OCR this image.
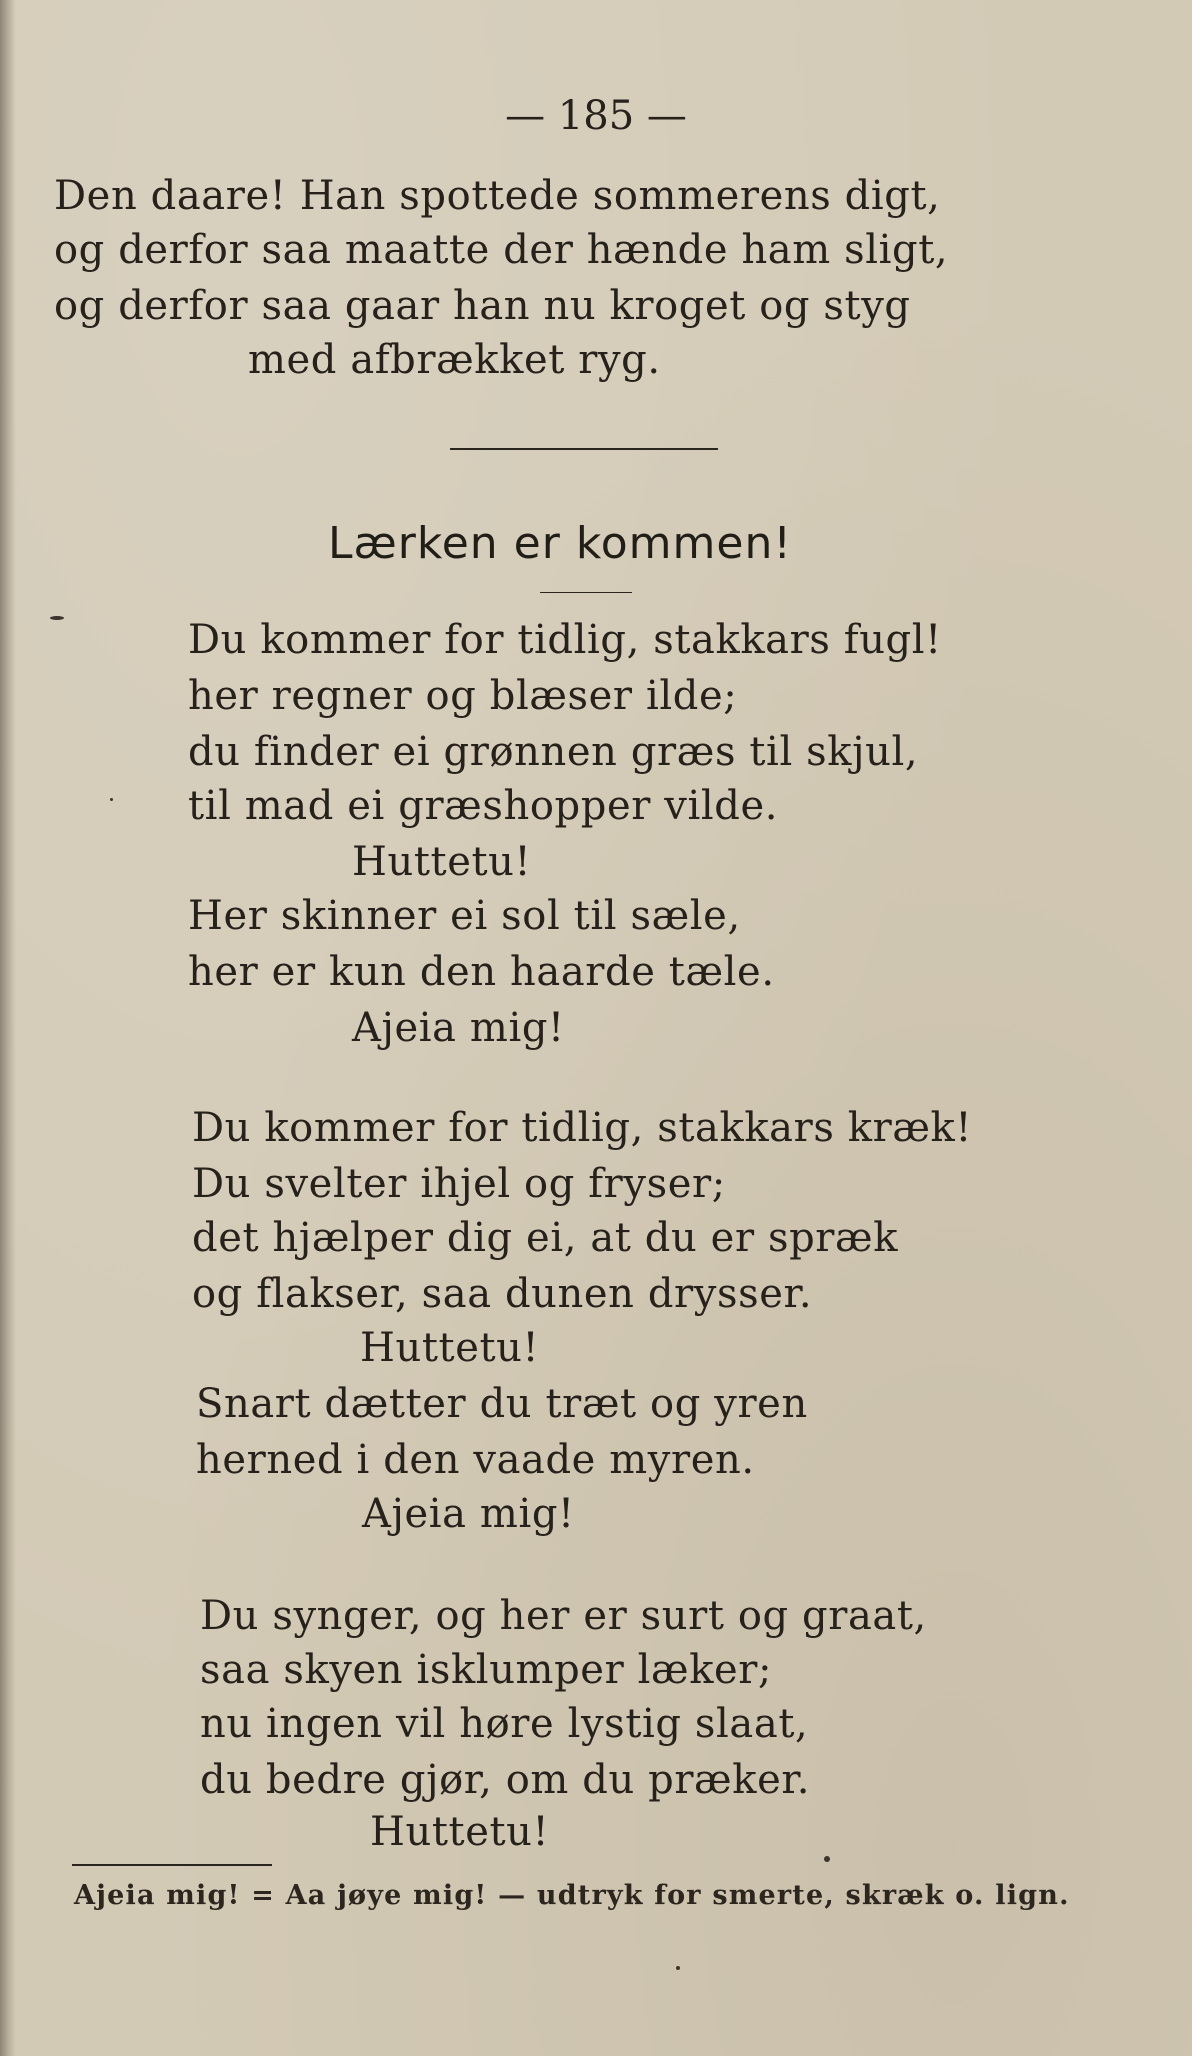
— 185 —
Den daare! Han spottede sommerens digt,
og derfor saa maatte der hænde ham sligt,
og derfor saa gaar han nu kroget og styg
med afbrækket ryg.
Lærken er kommen!
Du kommer for tidlig, stakkars fugl!
her regner og blæser ilde;
du finder ei grønnen græs til skjul,
til mad ei græshopper vilde.
Huttetu!
Her skinner ei sol til sæle,
her er kun den haarde tæle.
Ajeia mig!
Du kommer for tidlig, stakkars kræk!
Du svelter ihjel og fryser;
det hjælper dig ei, at du er spræk
og flakser, saa dunen drysser.
Huttetu!
Snart dætter du træt og yren
herned i den vaade myren.
Ajeia mig!
Du synger, og her er surt og graat,
saa skyen isklumper læker;
nu ingen vil høre lystig slaat,
du bedre gjør, om du præker.
Huttetu!
Ajeia mig! = Aa jøye mig! — udtryk for smerte, skræk o. lign.
